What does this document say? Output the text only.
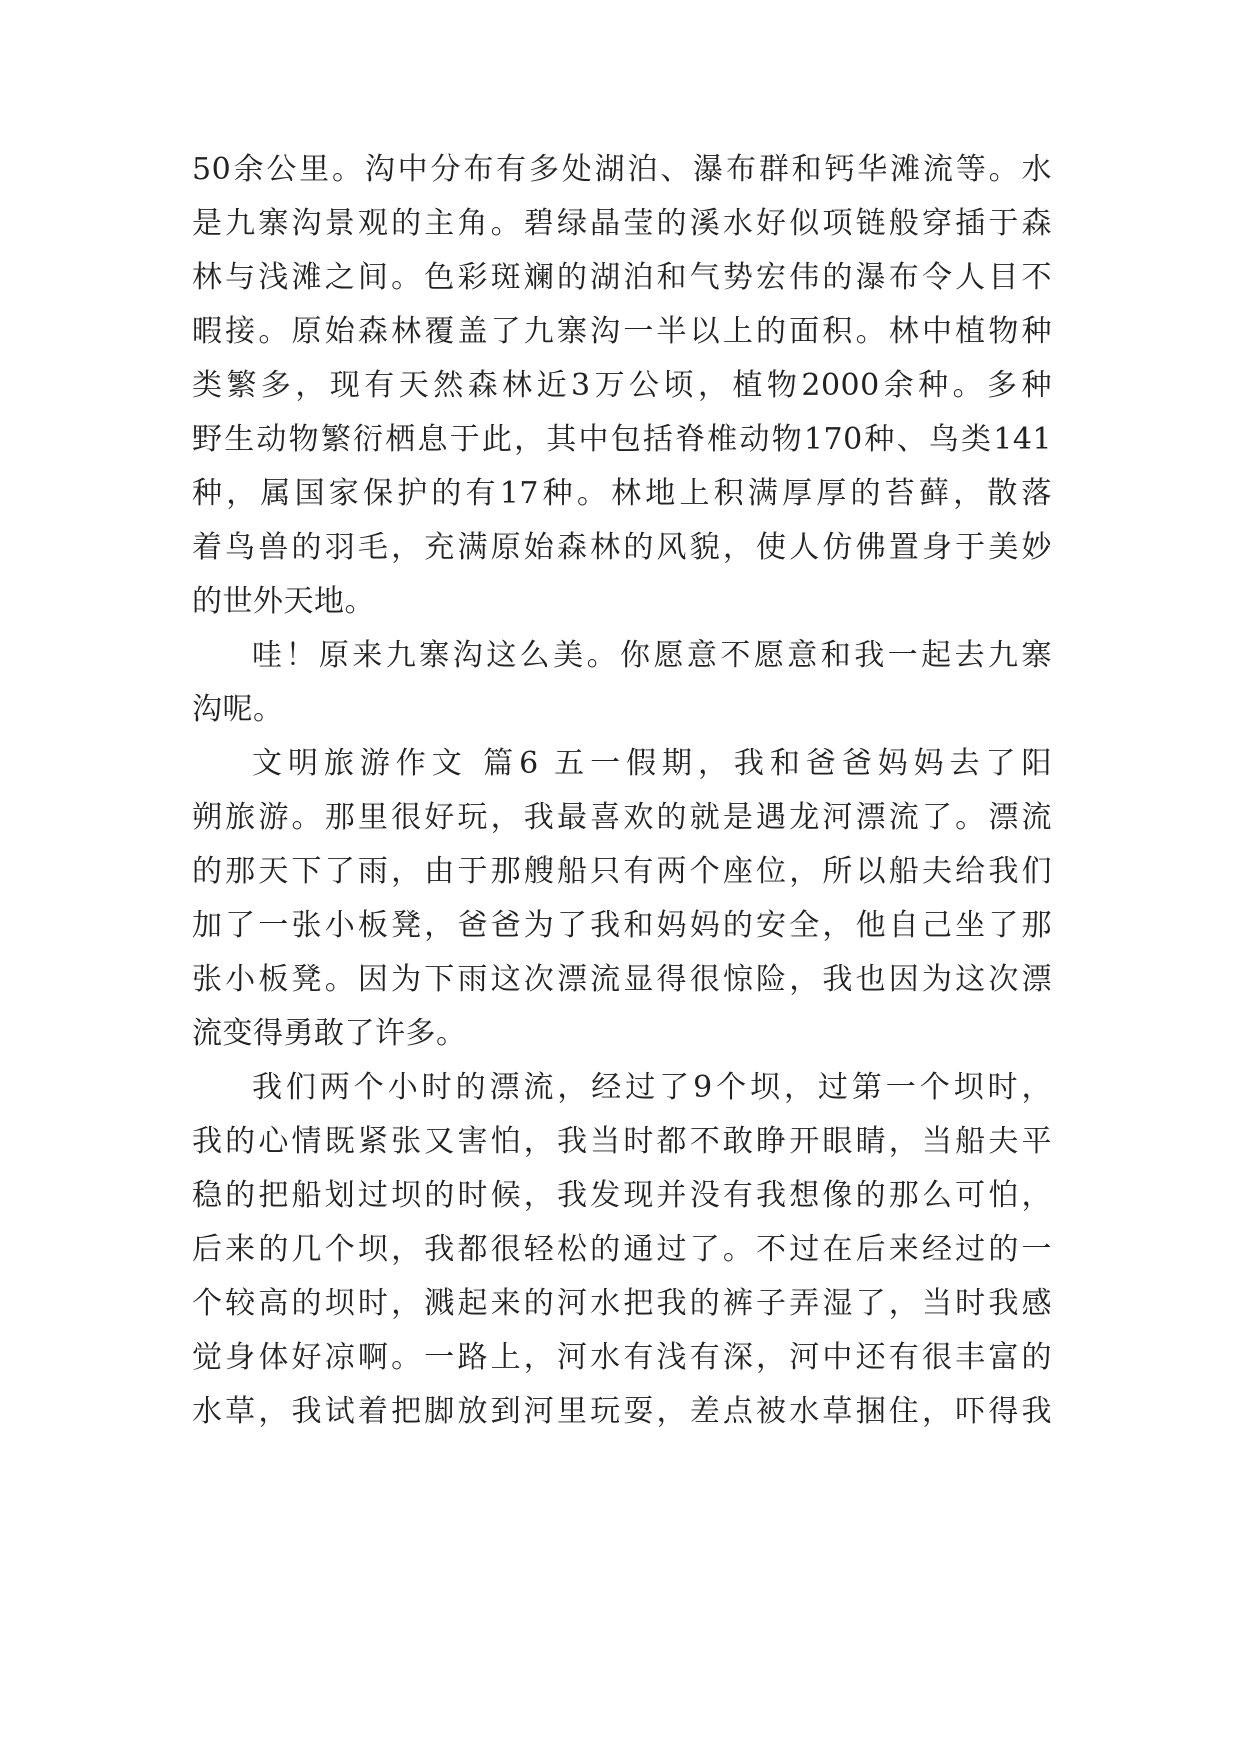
50余公里。沟中分布有多处湖泊、瀑布群和钙华滩流等。水
是九寨沟景观的主角。碧绿晶莹的溪水好似项链般穿插于森
林与浅滩之间。色彩斑斓的湖泊和气势宏伟的瀑布令人目不
暇接。原始森林覆盖了九寨沟一半以上的面积。林中植物种
类繁多，现有天然森林近3万公顷，植物2000余种。多种
野生动物繁衍栖息于此，其中包括脊椎动物170种、鸟类141
种，属国家保护的有17种。林地上积满厚厚的苔藓，散落
着鸟兽的羽毛，充满原始森林的风貌，使人仿佛置身于美妙
的世外天地。
哇！原来九寨沟这么美。你愿意不愿意和我一起去九寨
沟呢。
文明旅游作文 篇6 五一假期，我和爸爸妈妈去了阳
朔旅游。那里很好玩，我最喜欢的就是遇龙河漂流了。漂流
的那天下了雨，由于那艘船只有两个座位，所以船夫给我们
加了一张小板凳，爸爸为了我和妈妈的安全，他自己坐了那
张小板凳。因为下雨这次漂流显得很惊险，我也因为这次漂
流变得勇敢了许多。
我们两个小时的漂流，经过了9个坝，过第一个坝时，
我的心情既紧张又害怕，我当时都不敢睁开眼睛，当船夫平
稳的把船划过坝的时候，我发现并没有我想像的那么可怕，
后来的几个坝，我都很轻松的通过了。不过在后来经过的一
个较高的坝时，溅起来的河水把我的裤子弄湿了，当时我感
觉身体好凉啊。一路上，河水有浅有深，河中还有很丰富的
水草，我试着把脚放到河里玩耍，差点被水草捆住，吓得我
